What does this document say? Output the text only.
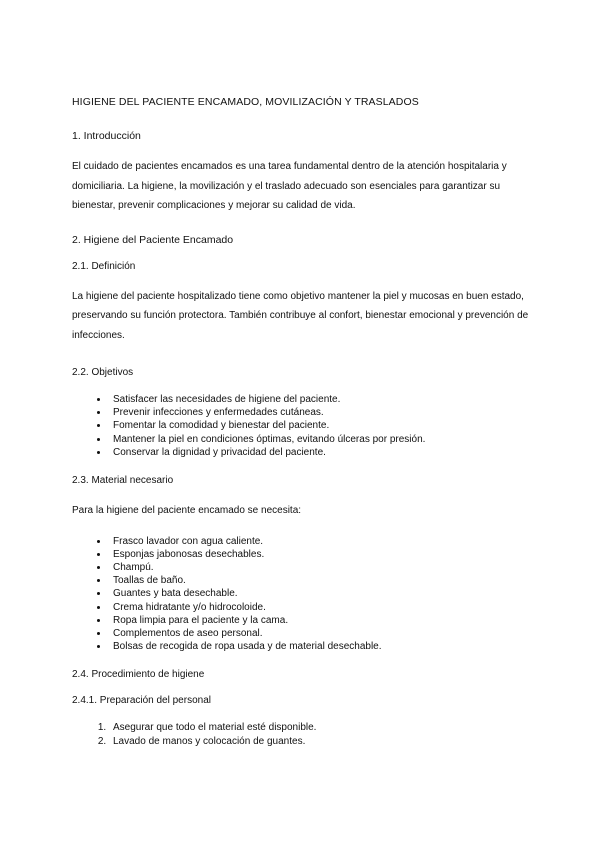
HIGIENE DEL PACIENTE ENCAMADO, MOVILIZACIÓN Y TRASLADOS
1. Introducción

El cuidado de pacientes encamados es una tarea fundamental dentro de la atención hospitalaria y domiciliaria. La higiene, la movilización y el traslado adecuado son esenciales para garantizar su bienestar, prevenir complicaciones y mejorar su calidad de vida.

2. Higiene del Paciente Encamado
2.1. Definición

La higiene del paciente hospitalizado tiene como objetivo mantener la piel y mucosas en buen estado, preservando su función protectora. También contribuye al confort, bienestar emocional y prevención de infecciones.

2.2. Objetivos
• Satisfacer las necesidades de higiene del paciente.
• Prevenir infecciones y enfermedades cutáneas.
• Fomentar la comodidad y bienestar del paciente.
• Mantener la piel en condiciones óptimas, evitando úlceras por presión.
• Conservar la dignidad y privacidad del paciente.
2.3. Material necesario

Para la higiene del paciente encamado se necesita:

• Frasco lavador con agua caliente.
• Esponjas jabonosas desechables.
• Champú.
• Toallas de baño.
• Guantes y bata desechable.
• Crema hidratante y/o hidrocoloide.
• Ropa limpia para el paciente y la cama.
• Complementos de aseo personal.
• Bolsas de recogida de ropa usada y de material desechable.
2.4. Procedimiento de higiene
2.4.1. Preparación del personal
1. Asegurar que todo el material esté disponible.
2. Lavado de manos y colocación de guantes.
